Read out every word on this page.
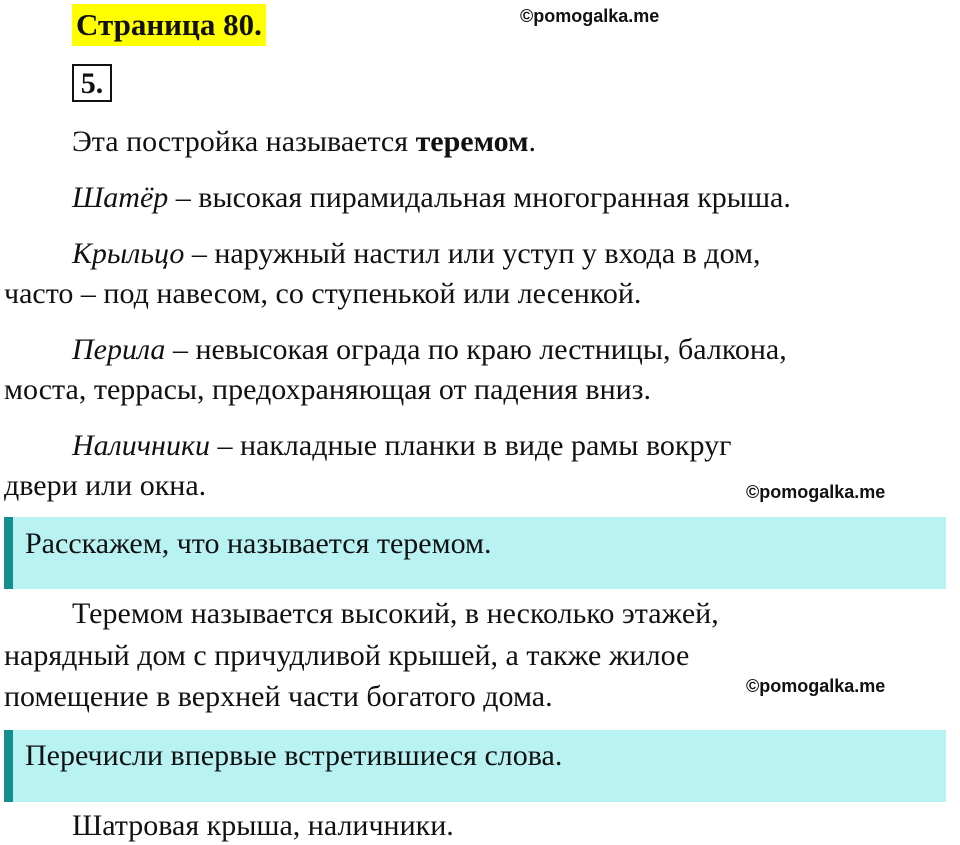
Страница 80.	©pomogalka.me
5.
Эта постройка называется теремом.
Шатёр – высокая пирамидальная многогранная крыша.
Крыльцо – наружный настил или уступ у входа в дом,
часто – под навесом, со ступенькой или лесенкой.
Перила – невысокая ограда по краю лестницы, балкона,
моста, террасы, предохраняющая от падения вниз.
Наличники – накладные планки в виде рамы вокруг
двери или окна.	©pomogalka.me
Расскажем, что называется теремом.
Теремом называется высокий, в несколько этажей,
нарядный дом с причудливой крышей, а также жилое
помещение в верхней части богатого дома.	©pomogalka.me
Перечисли впервые встретившиеся слова.
Шатровая крыша, наличники.
